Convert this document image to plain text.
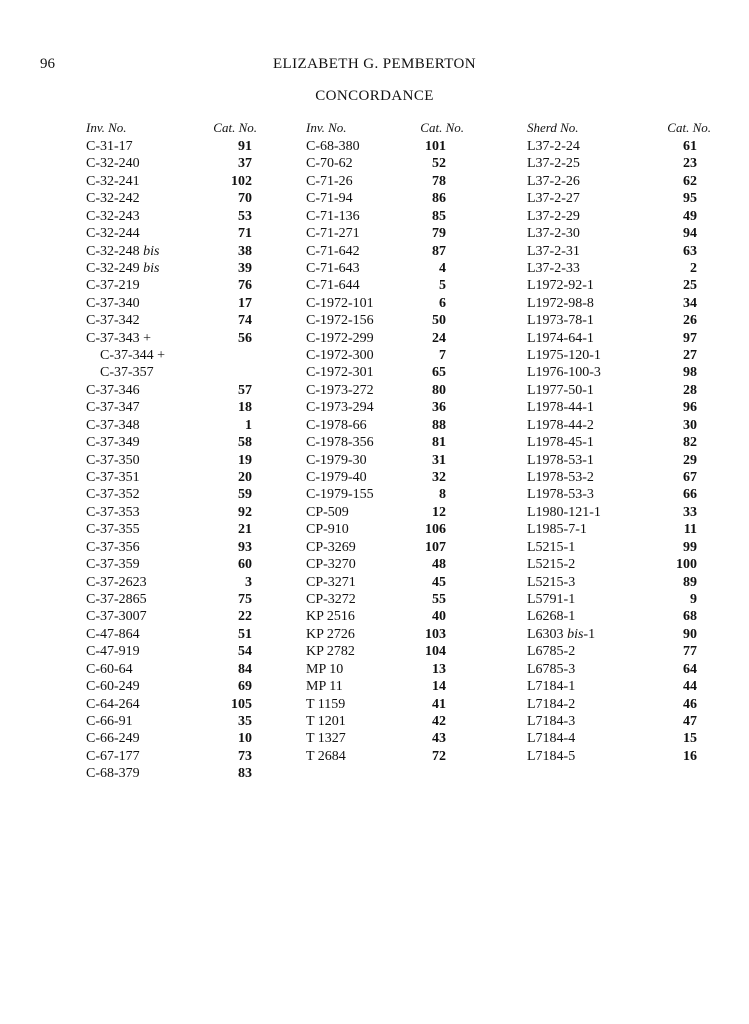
96	ELIZABETH G. PEMBERTON
CONCORDANCE
Inv. No.	Cat. No.
C-31-17	91
C-32-240	37
C-32-241	102
C-32-242	70
C-32-243	53
C-32-244	71
C-32-248 bis	38
C-32-249 bis	39
C-37-219	76
C-37-340	17
C-37-342	74
C-37-343 +	56
C-37-344 +
C-37-357
C-37-346	57
C-37-347	18
C-37-348	1
C-37-349	58
C-37-350	19
C-37-351	20
C-37-352	59
C-37-353	92
C-37-355	21
C-37-356	93
C-37-359	60
C-37-2623	3
C-37-2865	75
C-37-3007	22
C-47-864	51
C-47-919	54
C-60-64	84
C-60-249	69
C-64-264	105
C-66-91	35
C-66-249	10
C-67-177	73
C-68-379	83
Inv. No.	Cat. No.
C-68-380	101
C-70-62	52
C-71-26	78
C-71-94	86
C-71-136	85
C-71-271	79
C-71-642	87
C-71-643	4
C-71-644	5
C-1972-101	6
C-1972-156	50
C-1972-299	24
C-1972-300	7
C-1972-301	65
C-1973-272	80
C-1973-294	36
C-1978-66	88
C-1978-356	81
C-1979-30	31
C-1979-40	32
C-1979-155	8
CP-509	12
CP-910	106
CP-3269	107
CP-3270	48
CP-3271	45
CP-3272	55
KP 2516	40
KP 2726	103
KP 2782	104
MP 10	13
MP 11	14
T 1159	41
T 1201	42
T 1327	43
T 2684	72
Sherd No.	Cat. No.
L37-2-24	61
L37-2-25	23
L37-2-26	62
L37-2-27	95
L37-2-29	49
L37-2-30	94
L37-2-31	63
L37-2-33	2
L1972-92-1	25
L1972-98-8	34
L1973-78-1	26
L1974-64-1	97
L1975-120-1	27
L1976-100-3	98
L1977-50-1	28
L1978-44-1	96
L1978-44-2	30
L1978-45-1	82
L1978-53-1	29
L1978-53-2	67
L1978-53-3	66
L1980-121-1	33
L1985-7-1	11
L5215-1	99
L5215-2	100
L5215-3	89
L5791-1	9
L6268-1	68
L6303 bis-1	90
L6785-2	77
L6785-3	64
L7184-1	44
L7184-2	46
L7184-3	47
L7184-4	15
L7184-5	16
